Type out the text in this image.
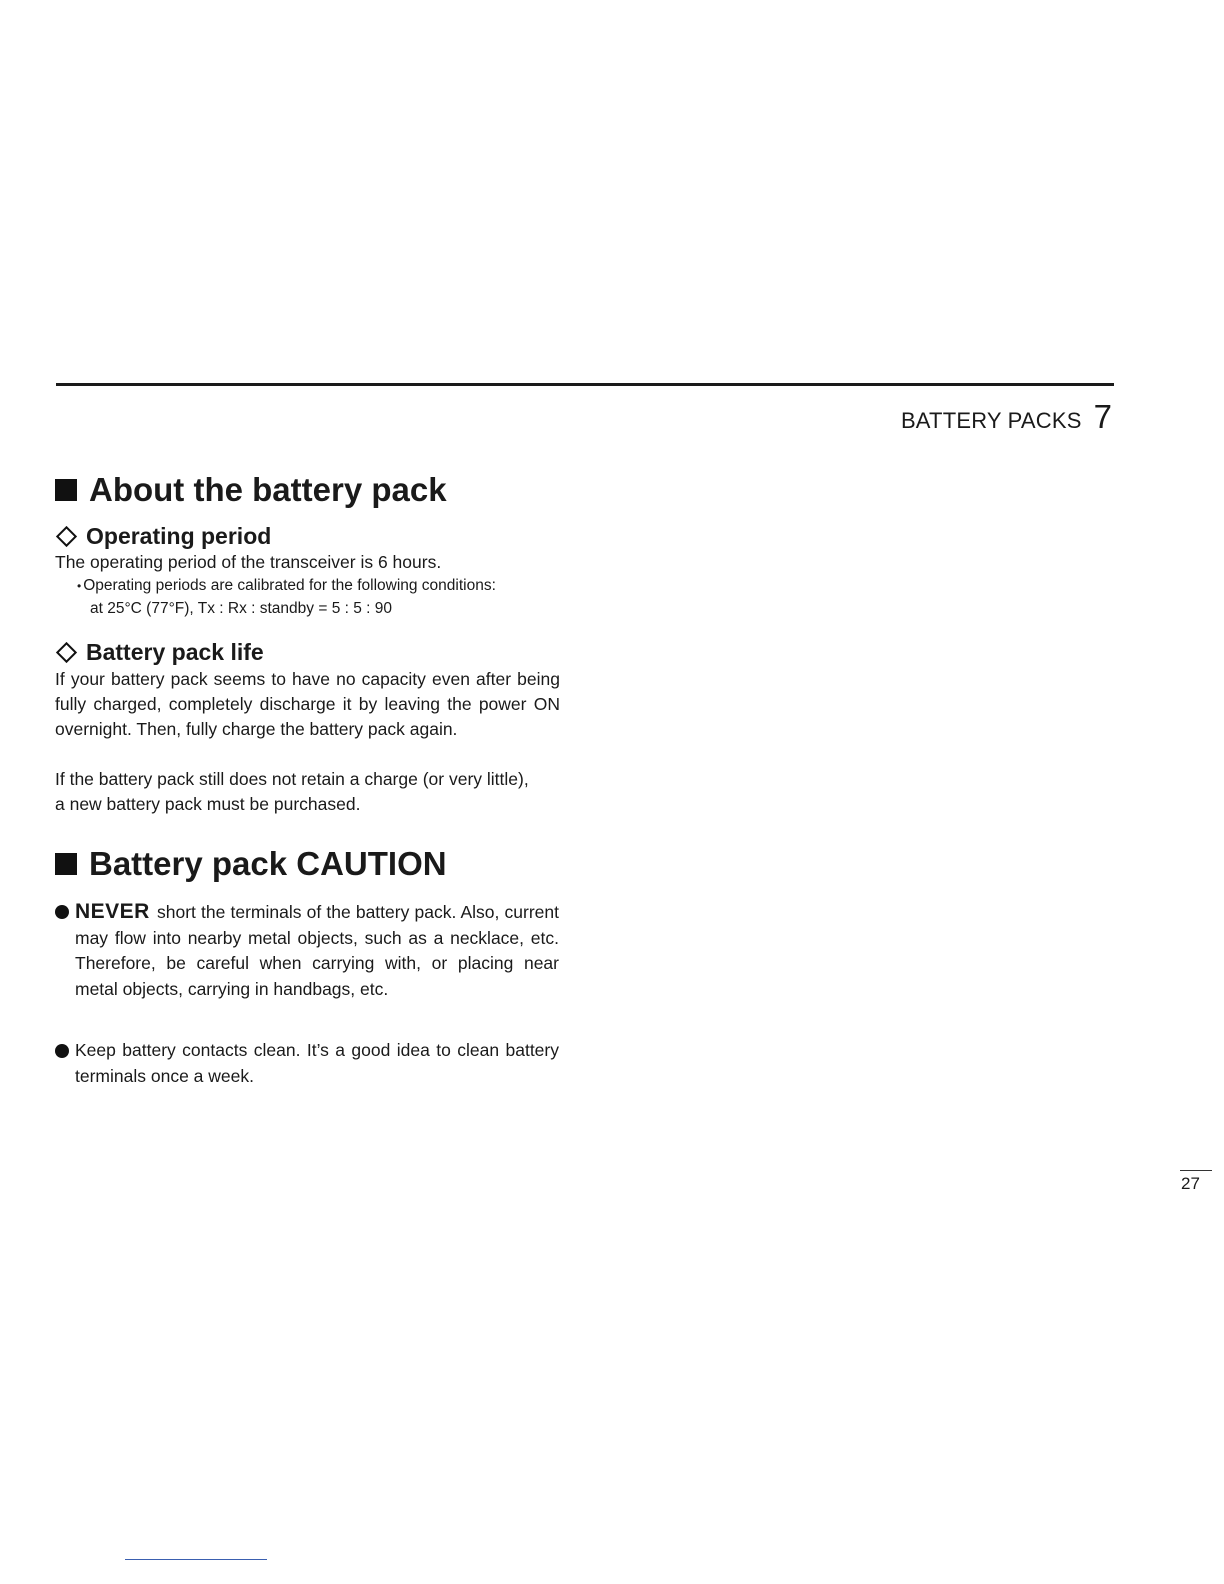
BATTERY PACKS 7
About the battery pack
Operating period

The operating period of the transceiver is 6 hours.

• Operating periods are calibrated for the following conditions:

at 25°C (77°F), Tx : Rx : standby = 5 : 5 : 90

Battery pack life

If your battery pack seems to have no capacity even after being fully charged, completely discharge it by leaving the power ON overnight. Then, fully charge the battery pack again.

If the battery pack still does not retain a charge (or very little),

a new battery pack must be purchased.

Battery pack CAUTION

NEVER short the terminals of the battery pack. Also, current may flow into nearby metal objects, such as a necklace, etc. Therefore, be careful when carrying with, or placing near metal objects, carrying in handbags, etc.

Keep battery contacts clean. It’s a good idea to clean battery terminals once a week.

27
